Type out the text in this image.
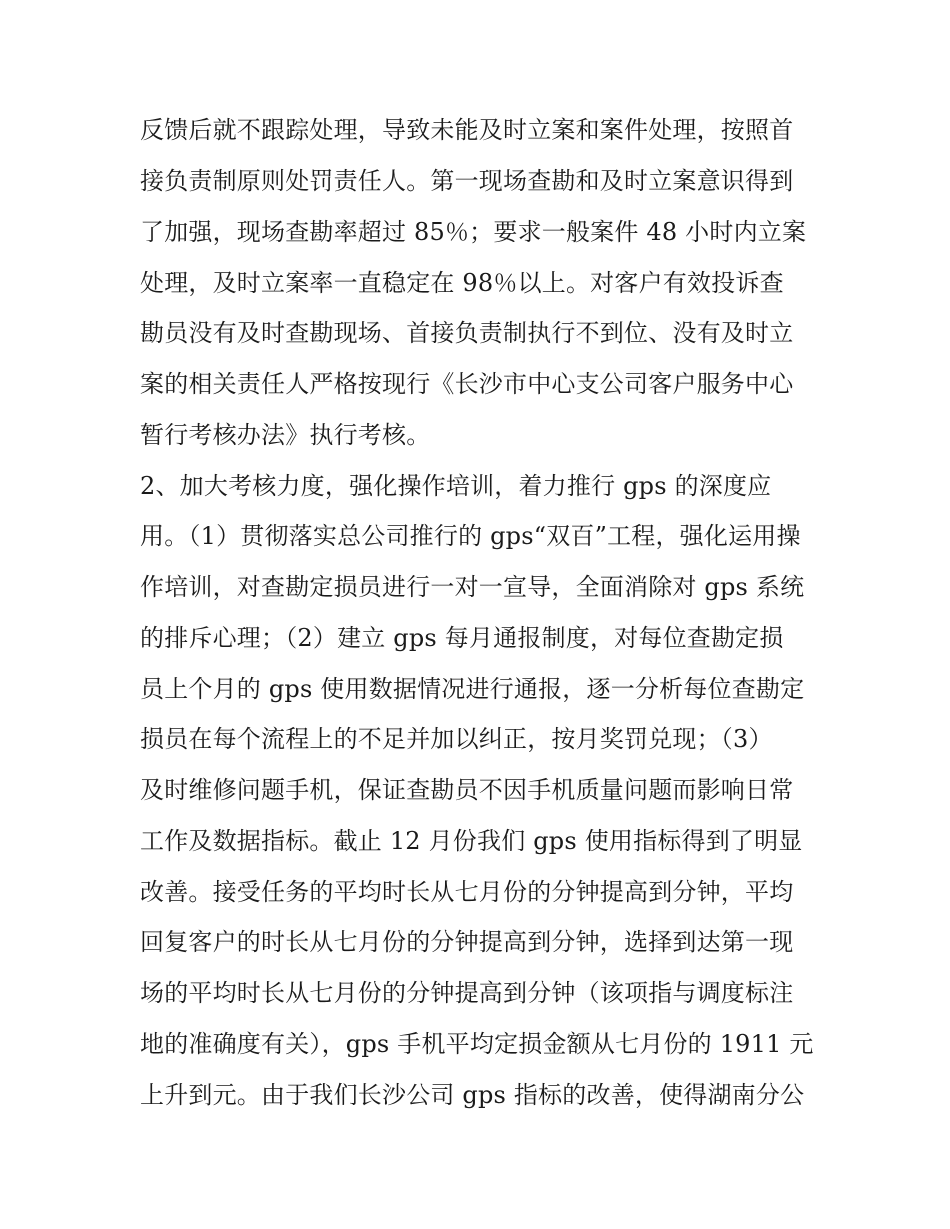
反馈后就不跟踪处理，导致未能及时立案和案件处理，按照首
接负责制原则处罚责任人。第一现场查勘和及时立案意识得到
了加强，现场查勘率超过 85％；要求一般案件 48 小时内立案
处理，及时立案率一直稳定在 98％以上。对客户有效投诉查
勘员没有及时查勘现场、首接负责制执行不到位、没有及时立
案的相关责任人严格按现行《长沙市中心支公司客户服务中心
暂行考核办法》执行考核。
2、加大考核力度，强化操作培训，着力推行 gps 的深度应
用。（1）贯彻落实总公司推行的 gps“双百”工程，强化运用操
作培训，对查勘定损员进行一对一宣导，全面消除对 gps 系统
的排斥心理；（2）建立 gps 每月通报制度，对每位查勘定损
员上个月的 gps 使用数据情况进行通报，逐一分析每位查勘定
损员在每个流程上的不足并加以纠正，按月奖罚兑现；（3）
及时维修问题手机，保证查勘员不因手机质量问题而影响日常
工作及数据指标。截止 12 月份我们 gps 使用指标得到了明显
改善。接受任务的平均时长从七月份的分钟提高到分钟，平均
回复客户的时长从七月份的分钟提高到分钟，选择到达第一现
场的平均时长从七月份的分钟提高到分钟（该项指与调度标注
地的准确度有关），gps 手机平均定损金额从七月份的 1911 元
上升到元。由于我们长沙公司 gps 指标的改善，使得湖南分公
